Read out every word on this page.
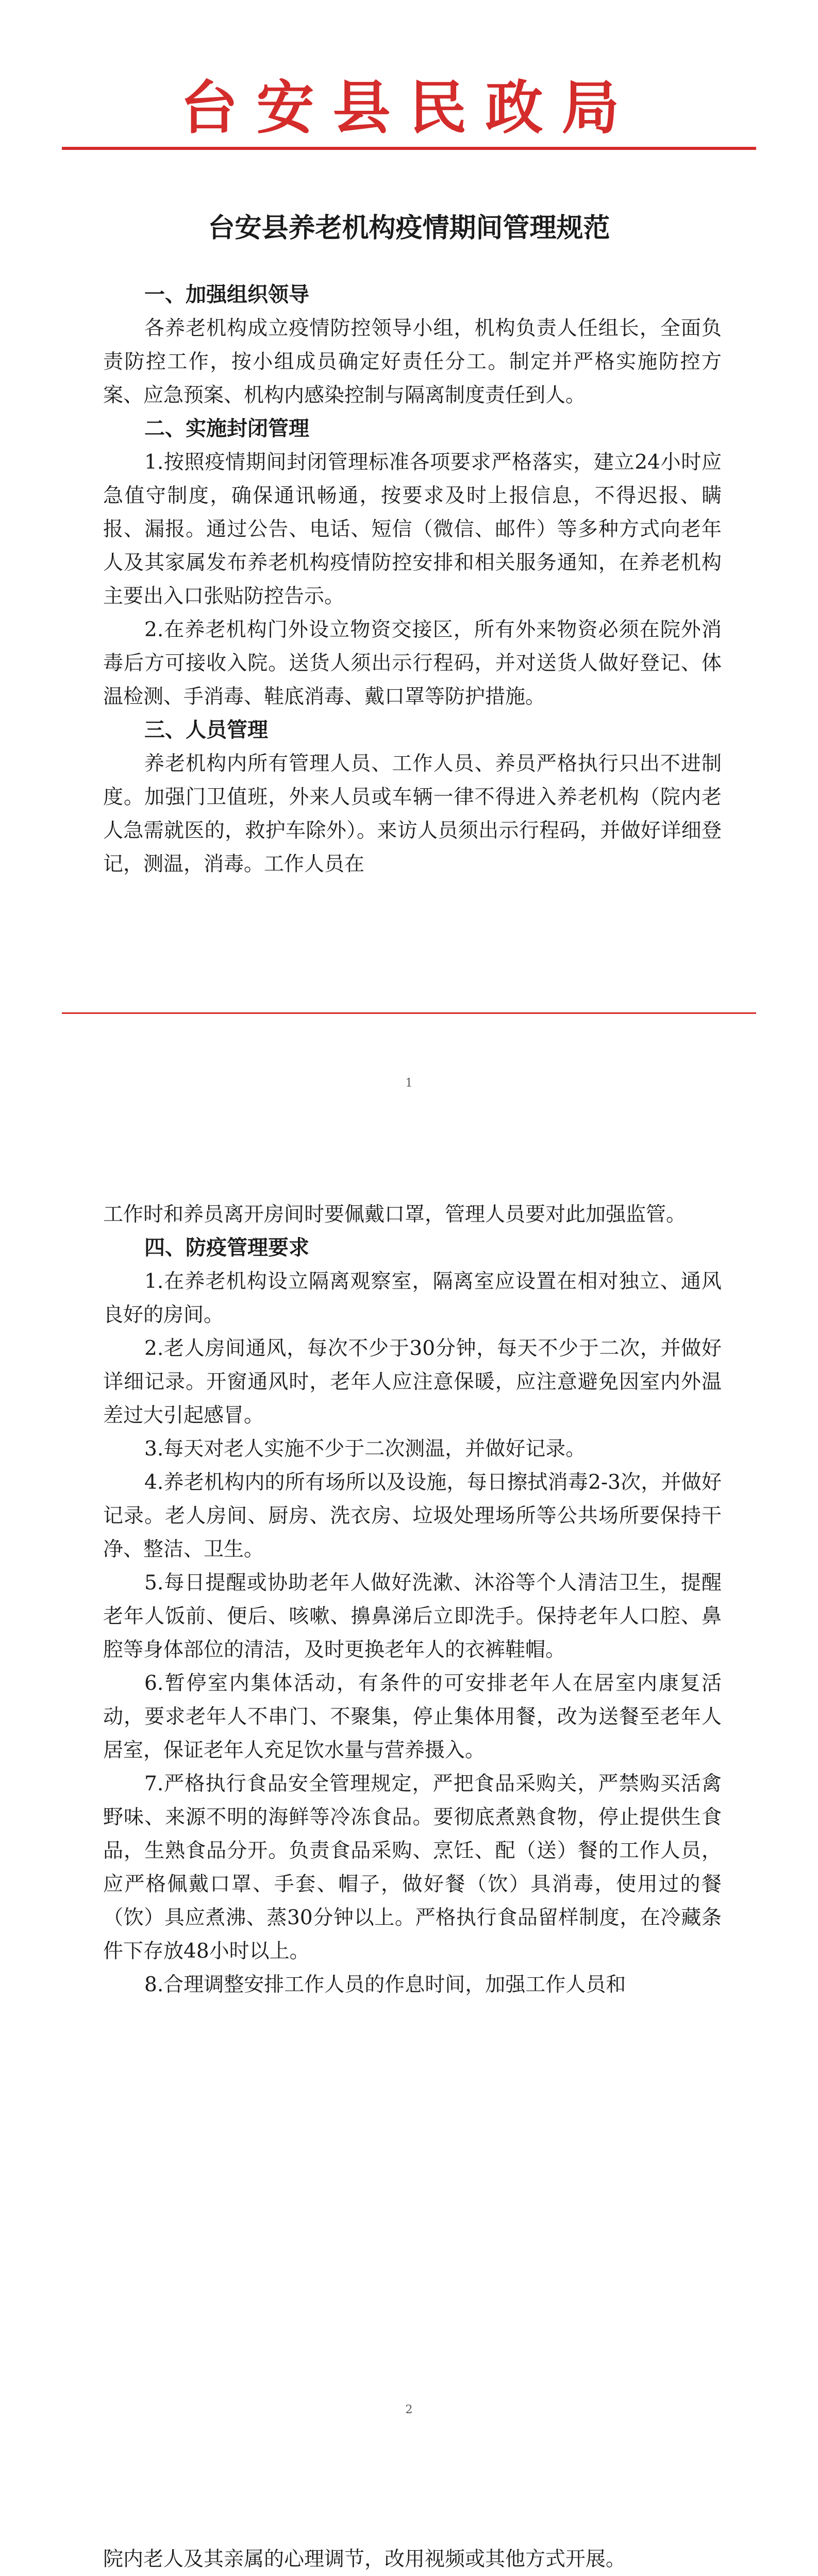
台安县民政局
台安县养老机构疫情期间管理规范
一、加强组织领导

各养老机构成立疫情防控领导小组，机构负责人任组长，全面负责防控工作，按小组成员确定好责任分工。制定并严格实施防控方案、应急预案、机构内感染控制与隔离制度责任到人。

二、实施封闭管理

1.按照疫情期间封闭管理标准各项要求严格落实，建立24小时应急值守制度，确保通讯畅通，按要求及时上报信息，不得迟报、瞒报、漏报。通过公告、电话、短信（微信、邮件）等多种方式向老年人及其家属发布养老机构疫情防控安排和相关服务通知，在养老机构主要出入口张贴防控告示。

2.在养老机构门外设立物资交接区，所有外来物资必须在院外消毒后方可接收入院。送货人须出示行程码，并对送货人做好登记、体温检测、手消毒、鞋底消毒、戴口罩等防护措施。

三、人员管理

养老机构内所有管理人员、工作人员、养员严格执行只出不进制度。加强门卫值班，外来人员或车辆一律不得进入养老机构（院内老人急需就医的，救护车除外）。来访人员须出示行程码，并做好详细登记，测温，消毒。工作人员在

1

工作时和养员离开房间时要佩戴口罩，管理人员要对此加强监管。

四、防疫管理要求

1.在养老机构设立隔离观察室，隔离室应设置在相对独立、通风良好的房间。

2.老人房间通风，每次不少于30分钟，每天不少于二次，并做好详细记录。开窗通风时，老年人应注意保暖，应注意避免因室内外温差过大引起感冒。

3.每天对老人实施不少于二次测温，并做好记录。

4.养老机构内的所有场所以及设施，每日擦拭消毒2-3次，并做好记录。老人房间、厨房、洗衣房、垃圾处理场所等公共场所要保持干净、整洁、卫生。

5.每日提醒或协助老年人做好洗漱、沐浴等个人清洁卫生，提醒老年人饭前、便后、咳嗽、擤鼻涕后立即洗手。保持老年人口腔、鼻腔等身体部位的清洁，及时更换老年人的衣裤鞋帽。

6.暂停室内集体活动，有条件的可安排老年人在居室内康复活动，要求老年人不串门、不聚集，停止集体用餐，改为送餐至老年人居室，保证老年人充足饮水量与营养摄入。

7.严格执行食品安全管理规定，严把食品采购关，严禁购买活禽野味、来源不明的海鲜等冷冻食品。要彻底煮熟食物，停止提供生食品，生熟食品分开。负责食品采购、烹饪、配（送）餐的工作人员，应严格佩戴口罩、手套、帽子，做好餐（饮）具消毒，使用过的餐（饮）具应煮沸、蒸30分钟以上。严格执行食品留样制度，在冷藏条件下存放48小时以上。

8.合理调整安排工作人员的作息时间，加强工作人员和

2

院内老人及其亲属的心理调节，改用视频或其他方式开展。
